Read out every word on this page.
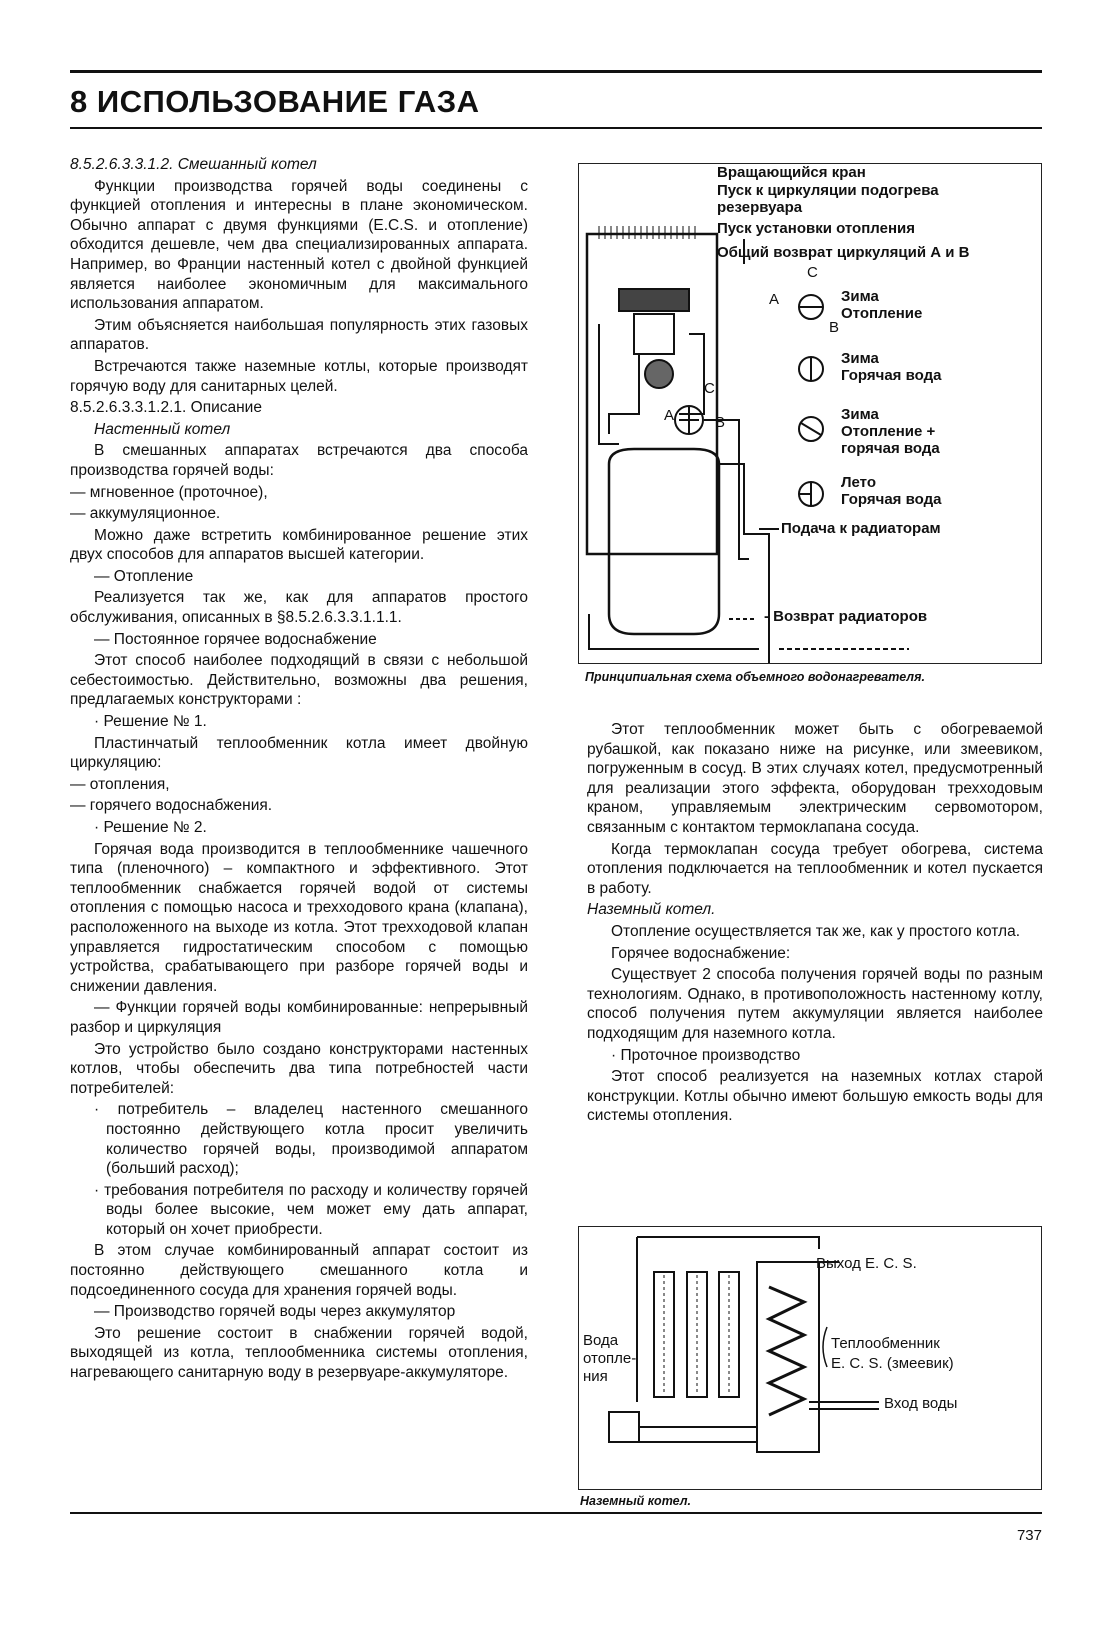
8 ИСПОЛЬЗОВАНИЕ ГАЗА

8.5.2.6.3.3.1.2. Смешанный котел

Функции производства горячей воды соединены с функцией отопления и интересны в плане экономическом. Обычно аппарат с двумя функциями (E.C.S. и отопление) обходится дешевле, чем два специализированных аппарата. Например, во Франции настенный котел с двойной функцией является наиболее экономичным для максимального использования аппаратом.

Этим объясняется наибольшая популярность этих газовых аппаратов.

Встречаются также наземные котлы, которые производят горячую воду для санитарных целей.

8.5.2.6.3.3.1.2.1. Описание

Настенный котел

В смешанных аппаратах встречаются два способа производства горячей воды:

— мгновенное (проточное),

— аккумуляционное.

Можно даже встретить комбинированное решение этих двух способов для аппаратов высшей категории.

— Отопление

Реализуется так же, как для аппаратов простого обслуживания, описанных в §8.5.2.6.3.3.1.1.1.

— Постоянное горячее водоснабжение

Этот способ наиболее подходящий в связи с небольшой себестоимостью. Действительно, возможны два решения, предлагаемых конструкторами :

· Решение № 1.

Пластинчатый теплообменник котла имеет двойную циркуляцию:

— отопления,

— горячего водоснабжения.

· Решение № 2.

Горячая вода производится в теплообменнике чашечного типа (пленочного) – компактного и эффективного. Этот теплообменник снабжается горячей водой от системы отопления с помощью насоса и трехходового крана (клапана), расположенного на выходе из котла. Этот трехходовой клапан управляется гидростатическим способом с помощью устройства, срабатывающего при разборе горячей воды и снижении давления.

— Функции горячей воды комбинированные: непрерывный разбор и циркуляция

Это устройство было создано конструкторами настенных котлов, чтобы обеспечить два типа потребностей части потребителей:

· потребитель – владелец настенного смешанного постоянно действующего котла просит увеличить количество горячей воды, производимой аппаратом (больший расход);

· требования потребителя по расходу и количеству горячей воды более высокие, чем может ему дать аппарат, который он хочет приобрести.

В этом случае комбинированный аппарат состоит из постоянно действующего смешанного котла и подсоединенного сосуда для хранения горячей воды.

— Производство горячей воды через аккумулятор

Это решение состоит в снабжении горячей водой, выходящей из котла, теплообменника системы отопления, нагревающего санитарную воду в резервуаре-аккумуляторе.

Вращающийся кран
Пуск к циркуляции подогрева резервуара
Пуск установки отопления
Общий возврат циркуляций А и В
C
A
B
C
A	B
Зима
Отопление
Зима
Горячая вода
Зима
Отопление +
горячая вода
Лето
Горячая вода
Подача к радиаторам
- Возврат радиаторов
Принципиальная схема объемного водонагревателя.

Этот теплообменник может быть с обогреваемой рубашкой, как показано ниже на рисунке, или змеевиком, погруженным в сосуд. В этих случаях котел, предусмотренный для реализации этого эффекта, оборудован трехходовым краном, управляемым электрическим сервомотором, связанным с контактом термоклапана сосуда.

Когда термоклапан сосуда требует обогрева, система отопления подключается на теплообменник и котел пускается в работу.

Наземный котел.

Отопление осуществляется так же, как у простого котла.

Горячее водоснабжение:

Существует 2 способа получения горячей воды по разным технологиям. Однако, в противоположность настенному котлу, способ получения путем аккумуляции является наиболее подходящим для наземного котла.

· Проточное производство

Этот способ реализуется на наземных котлах старой конструкции. Котлы обычно имеют большую емкость воды для системы отопления.

Выход E. C. S.
Вода
отопле-
ния
Теплообменник
E. C. S. (змеевик)
Вход воды
Наземный котел.
737
